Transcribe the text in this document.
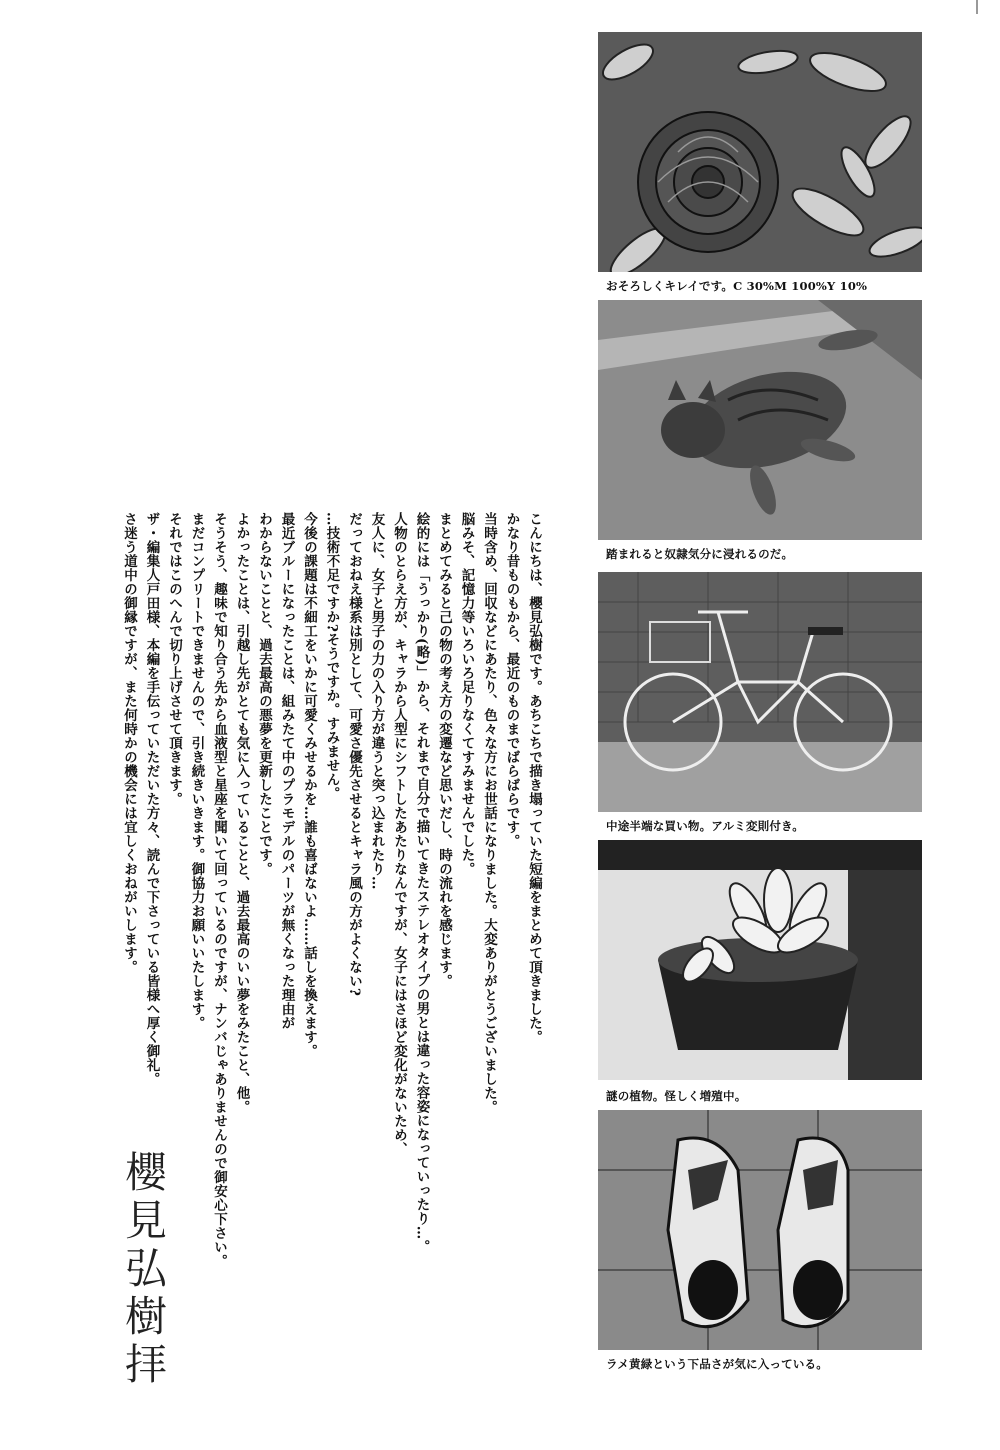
おそろしくキレイです。C 30%M 100%Y 10%
踏まれると奴隷気分に浸れるのだ。
中途半端な買い物。アルミ変則付き。
謎の植物。怪しく増殖中。
ラメ黄緑という下品さが気に入っている。
こんにちは、櫻見弘樹です。あちこちで描き塌っていた短編をまとめて頂きました。
かなり昔ものもから、最近のものまでばらばらです。
当時含め、回収などにあたり、色々な方にお世話になりました。大変ありがとうございました。
脳みそ、記憶力等いろいろ足りなくてすみませんでした。
まとめてみると己の物の考え方の変遷など思いだし、時の流れを感じます。
絵的には「うっかり(略)」から、それまで自分で描いてきたステレオタイプの男とは違った容姿になっていったり…。
人物のとらえ方が、キャラから人型にシフトしたあたりなんですが、女子にはさほど変化がないため、
友人に、女子と男子の力の入り方が違うと突っ込まれたり…
だっておねえ様系は別として、可愛さ優先させるとキャラ風の方がよくない?
…技術不足ですか?そうですか。すみません。
今後の課題は不細工をいかに可愛くみせるかを…誰も喜ばないよ……話しを換えます。
最近ブルーになったことは、組みたて中のプラモデルのパーツが無くなった理由が
わからないことと、過去最高の悪夢を更新したことです。
よかったことは、引越し先がとても気に入っていることと、過去最高のいい夢をみたこと、他。
そうそう、趣味で知り合う先から血液型と星座を聞いて回っているのですが、ナンバじゃありませんので御安心下さい。
まだコンプリートできませんので、引き続きいきます。御協力お願いいたします。
それではこのへんで切り上げさせて頂きます。
ザ・編集人戸田様、本編を手伝っていただいた方々、読んで下さっている皆様へ厚く御礼。
さ迷う道中の御縁ですが、また何時かの機会には宜しくおねがいします。
櫻見弘樹拝
